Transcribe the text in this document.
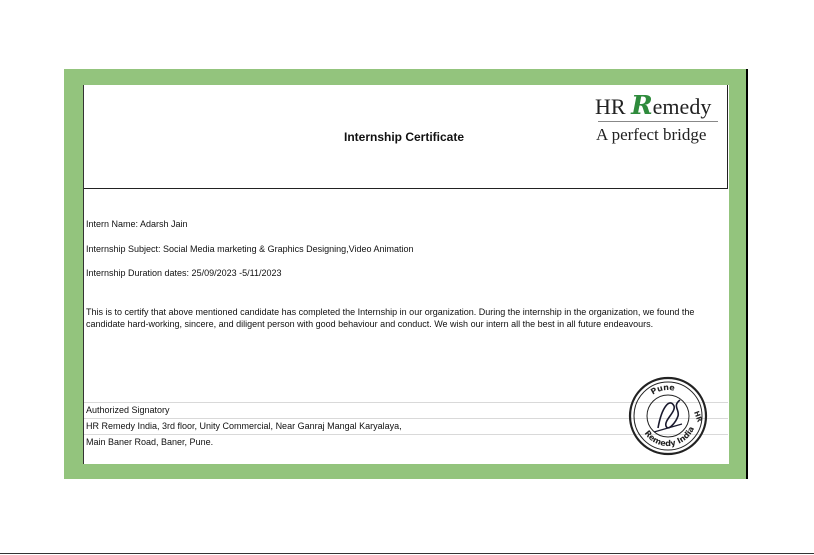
Internship Certificate
HR Remedy
A perfect bridge
Intern Name: Adarsh Jain
Internship Subject: Social Media marketing & Graphics Designing,Video Animation
Internship Duration dates: 25/09/2023 -5/11/2023
This is to certify that above mentioned candidate has completed the Internship in our organization. During the internship in the organization, we found the candidate hard-working, sincere, and diligent person with good behaviour and conduct. We wish our intern all the best in all future endeavours.
Authorized Signatory
HR Remedy India, 3rd floor, Unity Commercial, Near Ganraj Mangal Karyalaya,
Main Baner Road, Baner, Pune.
Pune
HR
Remedy India
